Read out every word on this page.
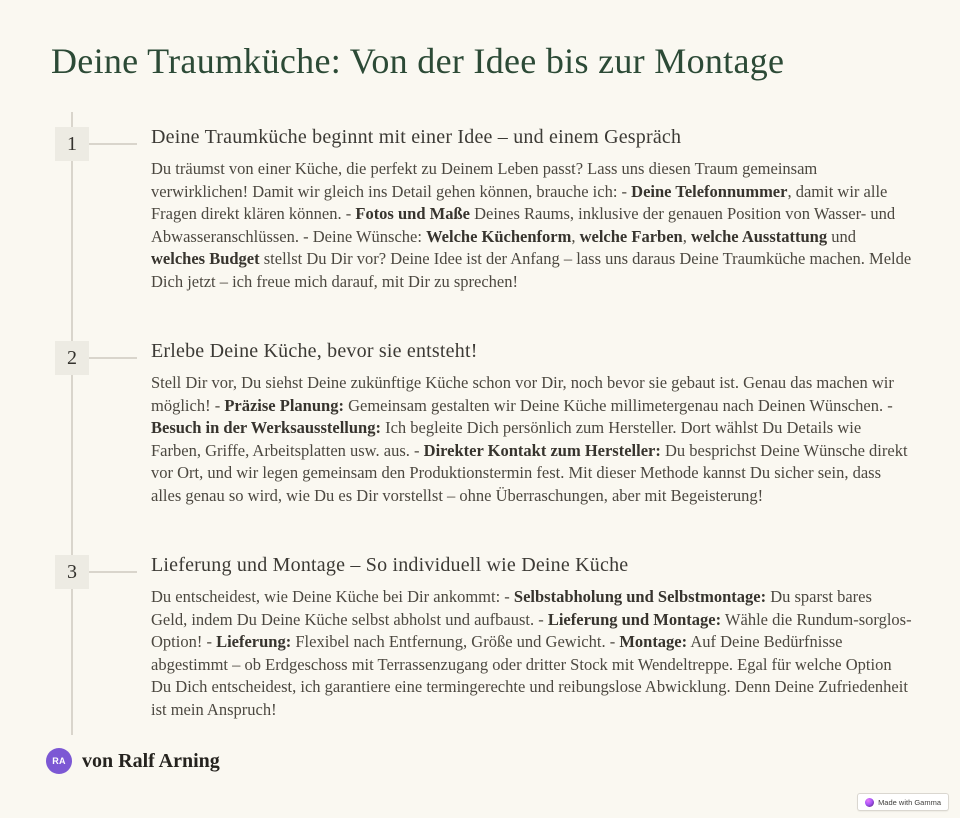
Deine Traumküche: Von der Idee bis zur Montage
1	Deine Traumküche beginnt mit einer Idee – und einem Gespräch

Du träumst von einer Küche, die perfekt zu Deinem Leben passt? Lass uns diesen Traum gemeinsam verwirklichen! Damit wir gleich ins Detail gehen können, brauche ich: - Deine Telefonnummer, damit wir alle Fragen direkt klären können. - Fotos und Maße Deines Raums, inklusive der genauen Position von Wasser- und Abwasseranschlüssen. - Deine Wünsche: Welche Küchenform, welche Farben, welche Ausstattung und welches Budget stellst Du Dir vor? Deine Idee ist der Anfang – lass uns daraus Deine Traumküche machen. Melde Dich jetzt – ich freue mich darauf, mit Dir zu sprechen!

2	Erlebe Deine Küche, bevor sie entsteht!

Stell Dir vor, Du siehst Deine zukünftige Küche schon vor Dir, noch bevor sie gebaut ist. Genau das machen wir möglich! - Präzise Planung: Gemeinsam gestalten wir Deine Küche millimetergenau nach Deinen Wünschen. - Besuch in der Werksausstellung: Ich begleite Dich persönlich zum Hersteller. Dort wählst Du Details wie Farben, Griffe, Arbeitsplatten usw. aus. - Direkter Kontakt zum Hersteller: Du besprichst Deine Wünsche direkt vor Ort, und wir legen gemeinsam den Produktionstermin fest. Mit dieser Methode kannst Du sicher sein, dass alles genau so wird, wie Du es Dir vorstellst – ohne Überraschungen, aber mit Begeisterung!

3	Lieferung und Montage – So individuell wie Deine Küche

Du entscheidest, wie Deine Küche bei Dir ankommt: - Selbstabholung und Selbstmontage: Du sparst bares Geld, indem Du Deine Küche selbst abholst und aufbaust. - Lieferung und Montage: Wähle die Rundum-sorglos-Option! - Lieferung: Flexibel nach Entfernung, Größe und Gewicht. - Montage: Auf Deine Bedürfnisse abgestimmt – ob Erdgeschoss mit Terrassenzugang oder dritter Stock mit Wendeltreppe. Egal für welche Option Du Dich entscheidest, ich garantiere eine termingerechte und reibungslose Abwicklung. Denn Deine Zufriedenheit ist mein Anspruch!

RA von Ralf Arning
Made with Gamma
